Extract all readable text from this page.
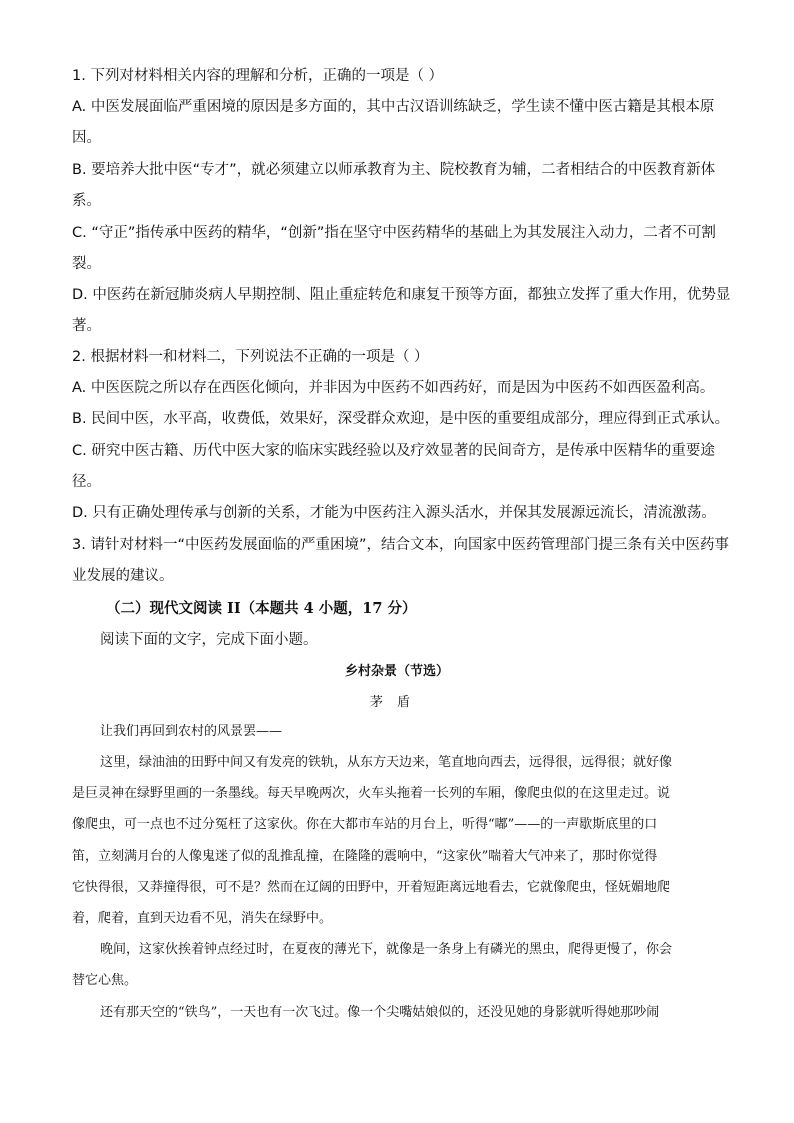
1. 下列对材料相关内容的理解和分析，正确的一项是（ ）
A. 中医发展面临严重困境的原因是多方面的，其中古汉语训练缺乏，学生读不懂中医古籍是其根本原
因。
B. 要培养大批中医“专才”，就必须建立以师承教育为主、院校教育为辅，二者相结合的中医教育新体
系。
C. “守正”指传承中医药的精华，“创新”指在坚守中医药精华的基础上为其发展注入动力，二者不可割
裂。
D. 中医药在新冠肺炎病人早期控制、阻止重症转危和康复干预等方面，都独立发挥了重大作用，优势显
著。
2. 根据材料一和材料二，下列说法不正确的一项是（ ）
A. 中医医院之所以存在西医化倾向，并非因为中医药不如西药好，而是因为中医药不如西医盈利高。
B. 民间中医，水平高，收费低，效果好，深受群众欢迎，是中医的重要组成部分，理应得到正式承认。
C. 研究中医古籍、历代中医大家的临床实践经验以及疗效显著的民间奇方，是传承中医精华的重要途
径。
D. 只有正确处理传承与创新的关系，才能为中医药注入源头活水，并保其发展源远流长，清流激荡。
3. 请针对材料一“中医药发展面临的严重困境”，结合文本，向国家中医药管理部门提三条有关中医药事
业发展的建议。
（二）现代文阅读 II（本题共 4 小题，17 分）
阅读下面的文字，完成下面小题。
乡村杂景（节选）
茅盾
让我们再回到农村的风景罢——
这里，绿油油的田野中间又有发亮的铁轨，从东方天边来，笔直地向西去，远得很，远得很；就好像
是巨灵神在绿野里画的一条墨线。每天早晚两次，火车头拖着一长列的车厢，像爬虫似的在这里走过。说
像爬虫，可一点也不过分冤枉了这家伙。你在大都市车站的月台上，听得“嘟”——的一声歇斯底里的口
笛，立刻满月台的人像鬼迷了似的乱推乱撞，在隆隆的震响中，“这家伙”喘着大气冲来了，那时你觉得
它快得很，又莽撞得很，可不是？然而在辽阔的田野中，开着短距离远地看去，它就像爬虫，怪妩媚地爬
着，爬着，直到天边看不见，消失在绿野中。
晚间，这家伙挨着钟点经过时，在夏夜的薄光下，就像是一条身上有磷光的黑虫，爬得更慢了，你会
替它心焦。
还有那天空的“铁鸟”，一天也有一次飞过。像一个尖嘴姑娘似的，还没见她的身影就听得她那吵闹
